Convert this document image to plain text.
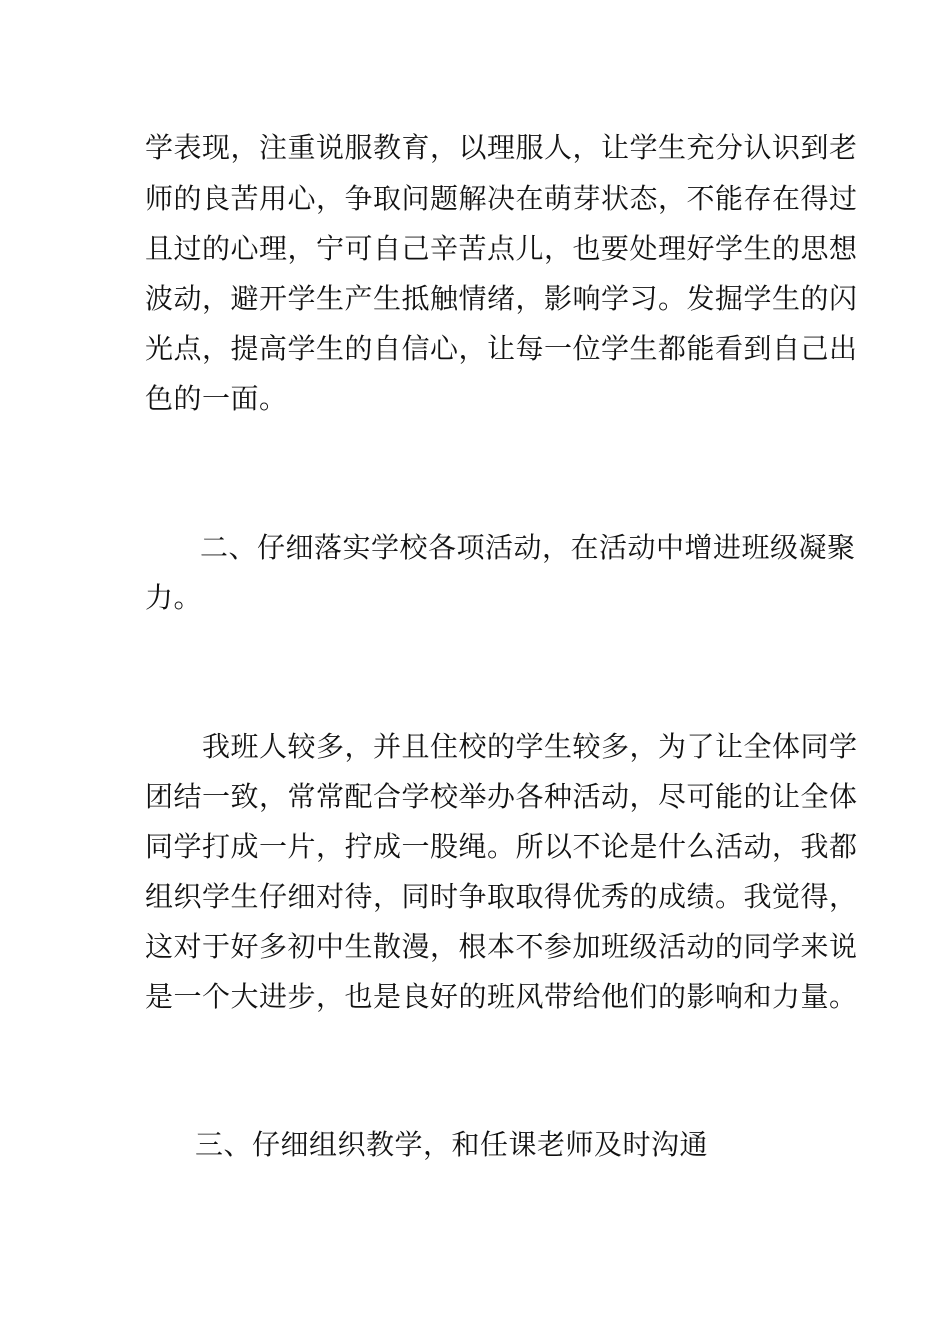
学表现，注重说服教育，以理服人，让学生充分认识到老
师的良苦用心，争取问题解决在萌芽状态，不能存在得过
且过的心理，宁可自己辛苦点儿，也要处理好学生的思想
波动，避开学生产生抵触情绪，影响学习。发掘学生的闪
光点，提高学生的自信心，让每一位学生都能看到自己出
色的一面。
二、仔细落实学校各项活动，在活动中增进班级凝聚
力。
我班人较多，并且住校的学生较多，为了让全体同学
团结一致，常常配合学校举办各种活动，尽可能的让全体
同学打成一片，拧成一股绳。所以不论是什么活动，我都
组织学生仔细对待，同时争取取得优秀的成绩。我觉得，
这对于好多初中生散漫，根本不参加班级活动的同学来说
是一个大进步，也是良好的班风带给他们的影响和力量。
三、仔细组织教学，和任课老师及时沟通
